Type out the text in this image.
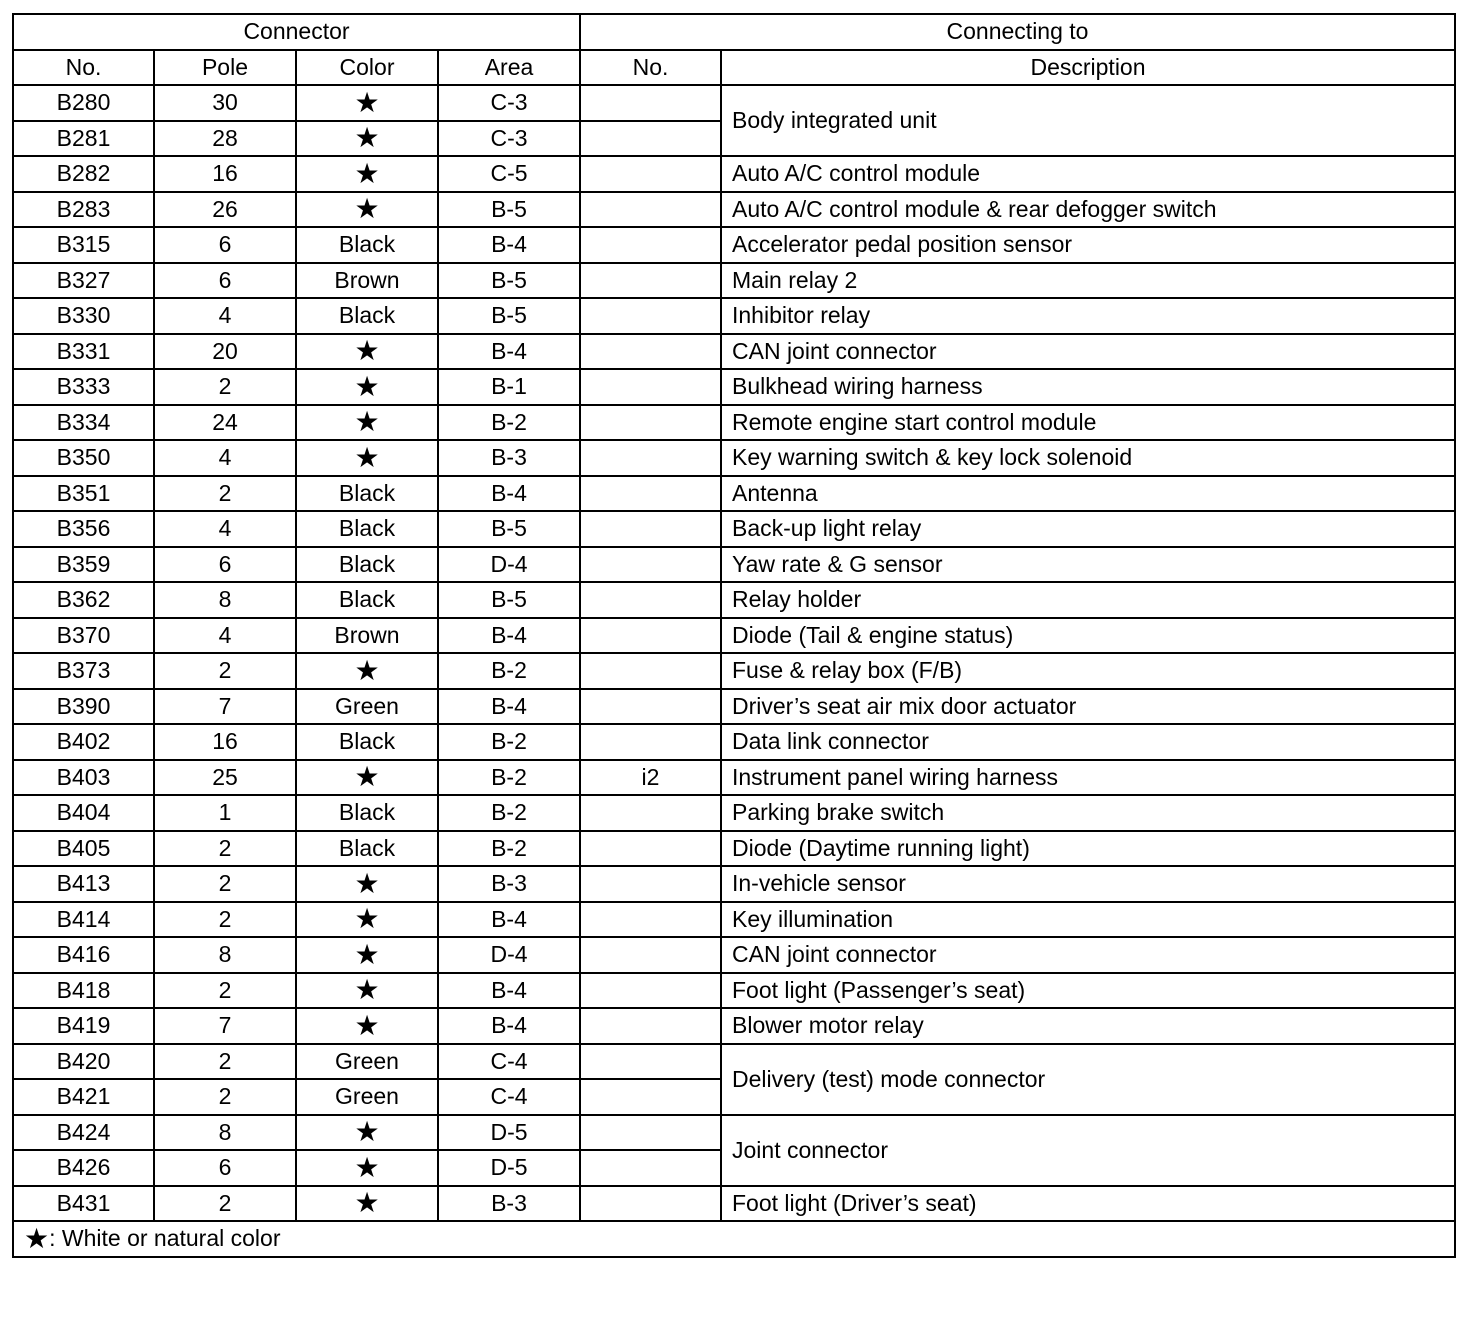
Connector				Connecting to	
No.	Pole	Color	Area	No.	Description
B280	30	★	C-3		Body integrated unit
B281	28	★	C-3		
B282	16	★	C-5		Auto A/C control module
B283	26	★	B-5		Auto A/C control module & rear defogger switch
B315	6	Black	B-4		Accelerator pedal position sensor
B327	6	Brown	B-5		Main relay 2
B330	4	Black	B-5		Inhibitor relay
B331	20	★	B-4		CAN joint connector
B333	2	★	B-1		Bulkhead wiring harness
B334	24	★	B-2		Remote engine start control module
B350	4	★	B-3		Key warning switch & key lock solenoid
B351	2	Black	B-4		Antenna
B356	4	Black	B-5		Back-up light relay
B359	6	Black	D-4		Yaw rate & G sensor
B362	8	Black	B-5		Relay holder
B370	4	Brown	B-4		Diode (Tail & engine status)
B373	2	★	B-2		Fuse & relay box (F/B)
B390	7	Green	B-4		Driver’s seat air mix door actuator
B402	16	Black	B-2		Data link connector
B403	25	★	B-2	i2	Instrument panel wiring harness
B404	1	Black	B-2		Parking brake switch
B405	2	Black	B-2		Diode (Daytime running light)
B413	2	★	B-3		In-vehicle sensor
B414	2	★	B-4		Key illumination
B416	8	★	D-4		CAN joint connector
B418	2	★	B-4		Foot light (Passenger’s seat)
B419	7	★	B-4		Blower motor relay
B420	2	Green	C-4		Delivery (test) mode connector
B421	2	Green	C-4		
B424	8	★	D-5		Joint connector
B426	6	★	D-5		
B431	2	★	B-3		Foot light (Driver’s seat)
★: White or natural color					
